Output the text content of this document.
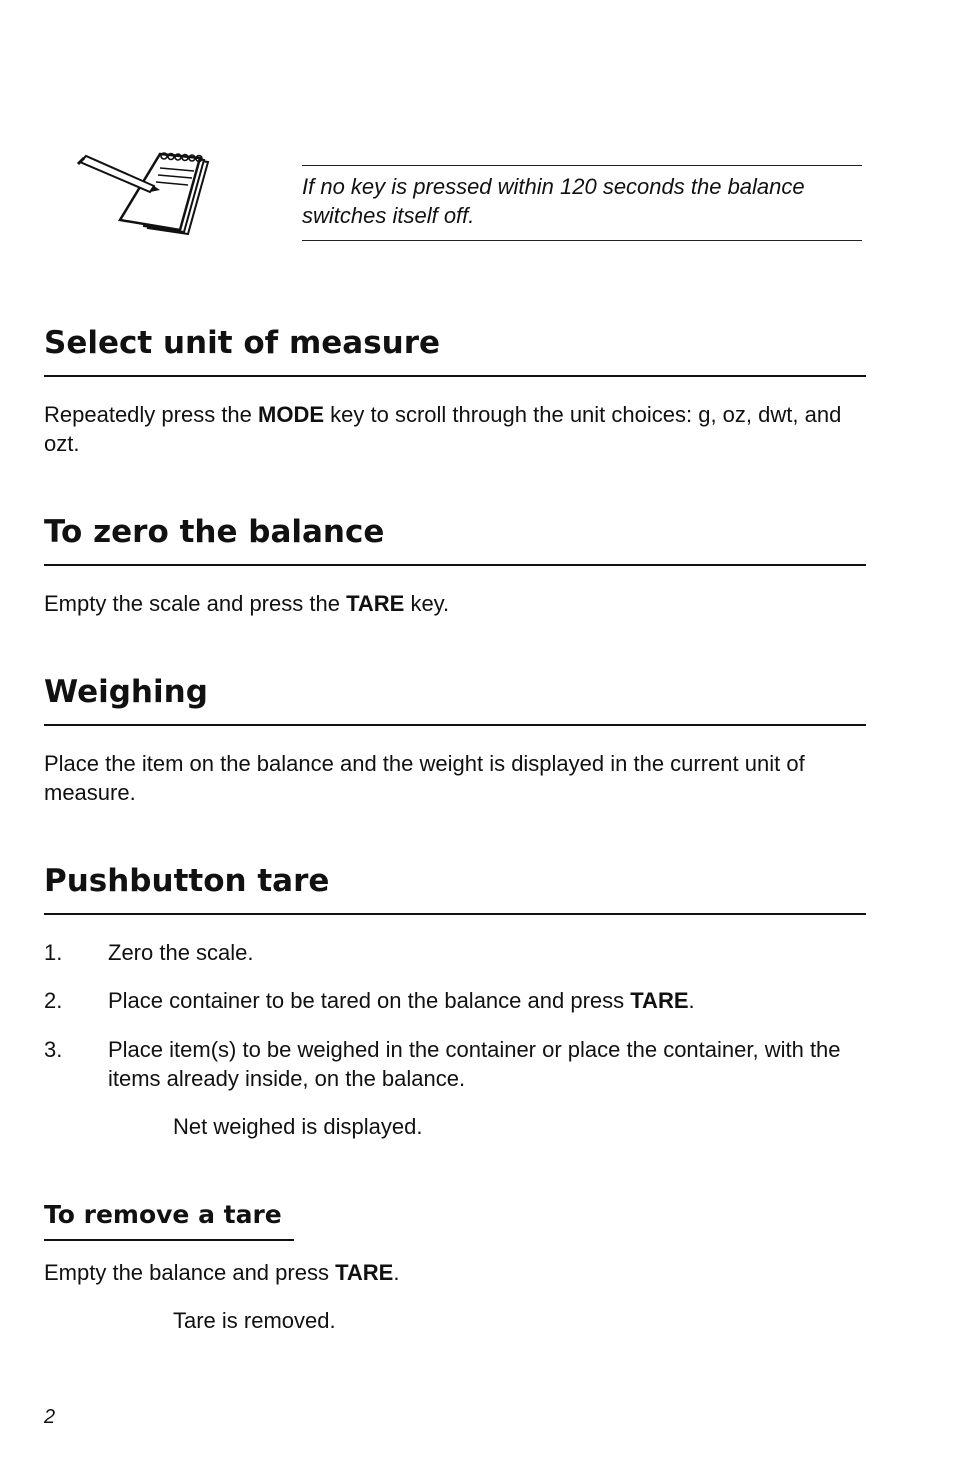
If no key is pressed within 120 seconds the balance switches itself off.

Select unit of measure

Repeatedly press the MODE key to scroll through the unit choices: g, oz, dwt, and ozt.

To zero the balance

Empty the scale and press the TARE key.

Weighing

Place the item on the balance and the weight is displayed in the current unit of measure.

Pushbutton tare
1. Zero the scale.
2. Place container to be tared on the balance and press TARE.
3. Place item(s) to be weighed in the container or place the container, with the items already inside, on the balance.
Net weighed is displayed.
To remove a tare

Empty the balance and press TARE.

Tare is removed.
2
